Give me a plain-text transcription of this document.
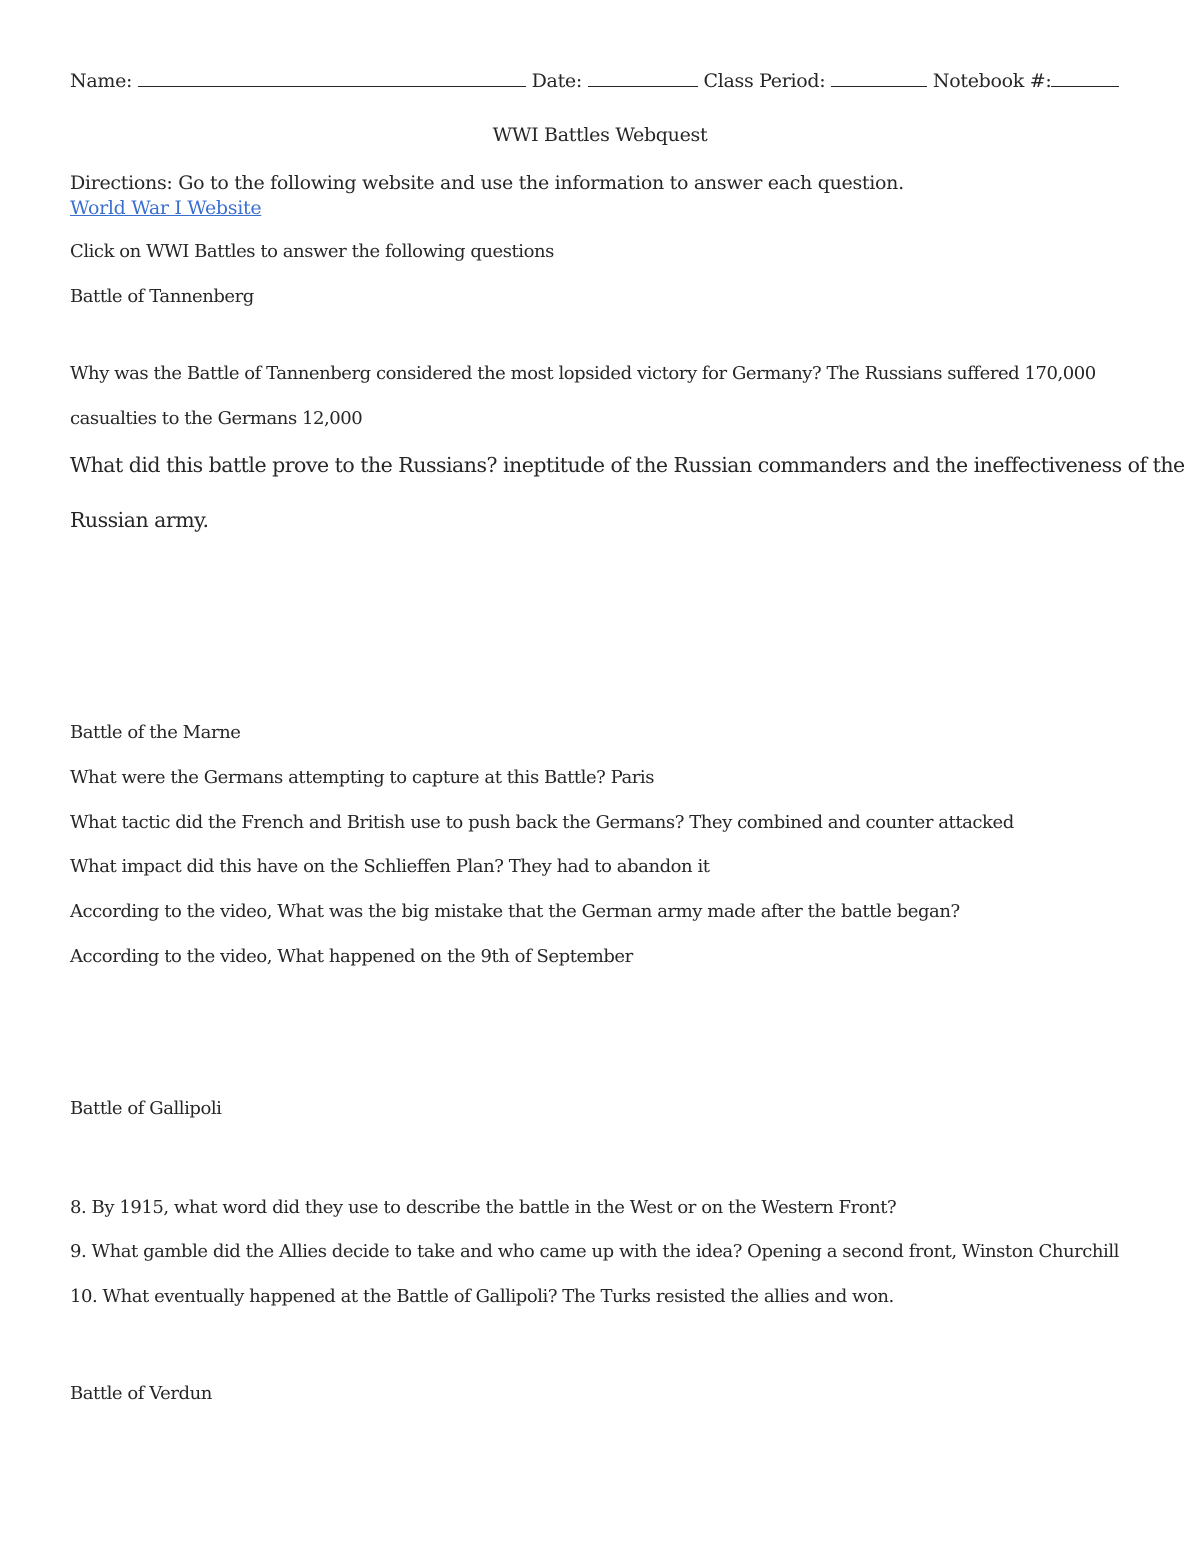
Name:	Date:	Class Period:	Notebook #:
WWI Battles Webquest
Directions: Go to the following website and use the information to answer each question.
World War I Website
Click on WWI Battles to answer the following questions
Battle of Tannenberg
Why was the Battle of Tannenberg considered the most lopsided victory for Germany? The Russians suffered 170,000
casualties to the Germans 12,000
What did this battle prove to the Russians? ineptitude of the Russian commanders and the ineffectiveness of the
Russian army.
Battle of the Marne
What were the Germans attempting to capture at this Battle? Paris
What tactic did the French and British use to push back the Germans? They combined and counter attacked
What impact did this have on the Schlieffen Plan? They had to abandon it
According to the video, What was the big mistake that the German army made after the battle began?
According to the video, What happened on the 9th of September
Battle of Gallipoli
8. By 1915, what word did they use to describe the battle in the West or on the Western Front?
9. What gamble did the Allies decide to take and who came up with the idea? Opening a second front, Winston Churchill
10. What eventually happened at the Battle of Gallipoli? The Turks resisted the allies and won.
Battle of Verdun
